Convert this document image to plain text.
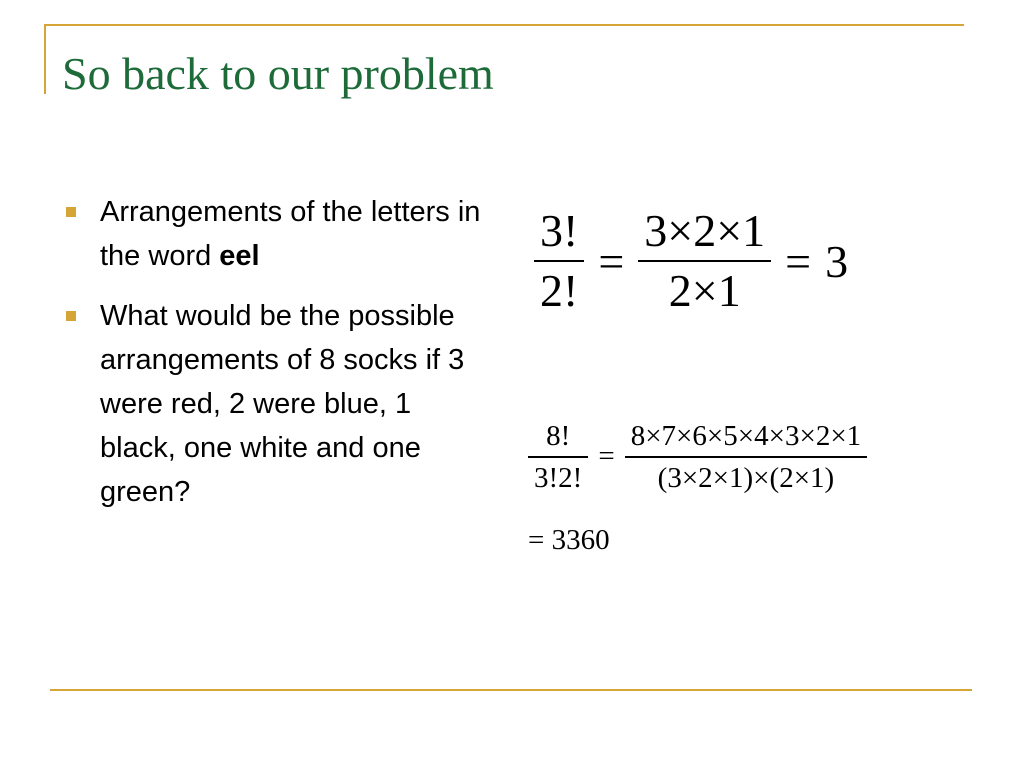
So back to our problem
Arrangements of the letters in the word eel
What would be the possible arrangements of 8 socks if 3 were red, 2 were blue, 1 black, one white and one green?
$\frac{3!}{2!} = \frac{3\times 2\times 1}{2\times 1} = 3$
$\frac{8!}{3!2!} = \frac{8\times 7\times 6\times 5\times 4\times 3\times 2\times 1}{(3\times 2\times 1)\times(2\times 1)}$
= 3360
